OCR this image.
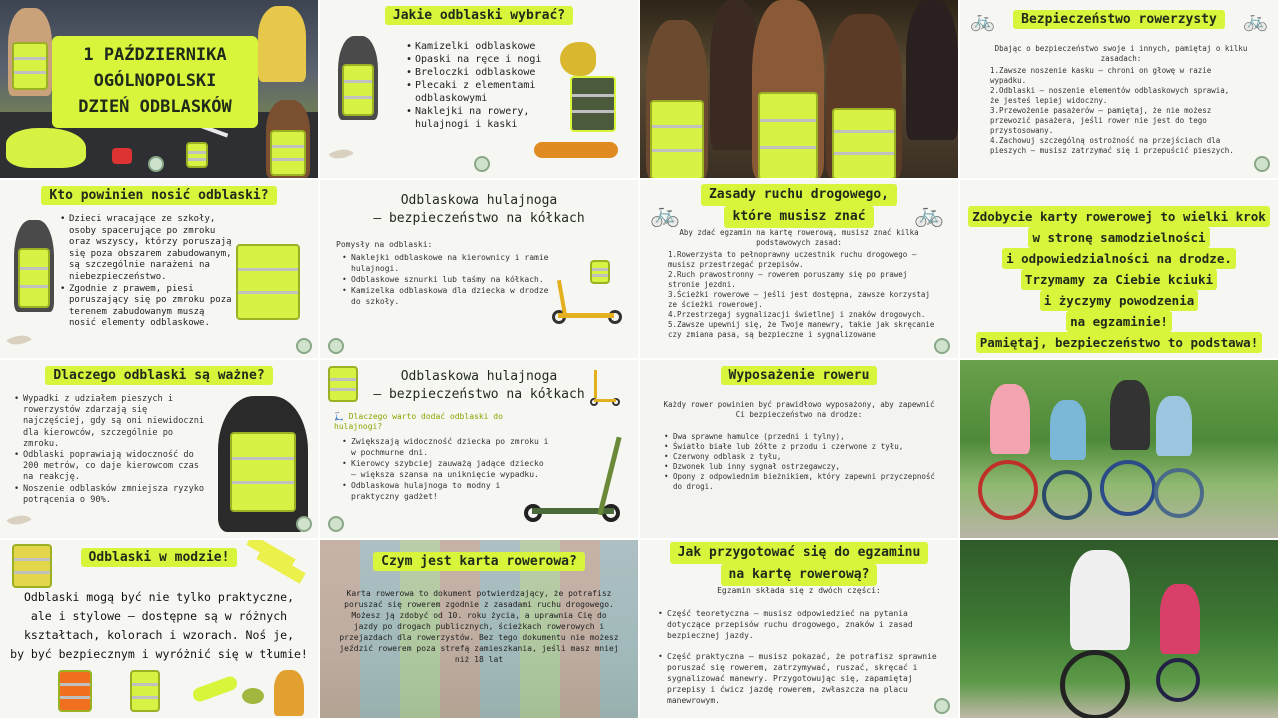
1 PAŹDZIERNIKA
OGÓLNOPOLSKI
DZIEŃ ODBLASKÓW
Jakie odblaski wybrać?
• Kamizelki odblaskowe
• Opaski na ręce i nogi
• Breloczki odblaskowe
• Plecaki z elementami odblaskowymi
• Naklejki na rowery, hulajnogi i kaski
🚲	🚲
Bezpieczeństwo rowerzysty
Dbając o bezpieczeństwo swoje i innych, pamiętaj o kilku zasadach:
1.Zawsze noszenie kasku – chroni on głowę w razie wypadku.
2.Odblaski – noszenie elementów odblaskowych sprawia, że jesteś lepiej widoczny.
3.Przewożenie pasażerów – pamiętaj, że nie możesz przewozić pasażera, jeśli rower nie jest do tego przystosowany.
4.Zachowuj szczególną ostrożność na przejściach dla pieszych – musisz zatrzymać się i przepuścić pieszych.
Kto powinien nosić odblaski?
• Dzieci wracające ze szkoły, osoby spacerujące po zmroku oraz wszyscy, którzy poruszają się poza obszarem zabudowanym, są szczególnie narażeni na niebezpieczeństwo.
• Zgodnie z prawem, piesi poruszający się po zmroku poza terenem zabudowanym muszą nosić elementy odblaskowe.
Odblaskowa hulajnoga
– bezpieczeństwo na kółkach
Pomysły na odblaski:
• Naklejki odblaskowe na kierownicy i ramie hulajnogi.
• Odblaskowe sznurki lub taśmy na kółkach.
• Kamizelka odblaskowa dla dziecka w drodze do szkoły.
🚲	🚲
Zasady ruchu drogowego,
które musisz znać
Aby zdać egzamin na kartę rowerową, musisz znać kilka podstawowych zasad:
1.Rowerzysta to pełnoprawny uczestnik ruchu drogowego – musisz przestrzegać przepisów.
2.Ruch prawostronny – rowerem poruszamy się po prawej stronie jezdni.
3.Ścieżki rowerowe – jeśli jest dostępna, zawsze korzystaj ze ścieżki rowerowej.
4.Przestrzegaj sygnalizacji świetlnej i znaków drogowych.
5.Zawsze upewnij się, że Twoje manewry, takie jak skręcanie czy zmiana pasa, są bezpieczne i sygnalizowane
Zdobycie karty rowerowej to wielki krok
w stronę samodzielności
i odpowiedzialności na drodze.
Trzymamy za Ciebie kciuki
i życzymy powodzenia
na egzaminie!
Pamiętaj, bezpieczeństwo to podstawa!
Dlaczego odblaski są ważne?
• Wypadki z udziałem pieszych i rowerzystów zdarzają się najczęściej, gdy są oni niewidoczni dla kierowców, szczególnie po zmroku.
• Odblaski poprawiają widoczność do 200 metrów, co daje kierowcom czas na reakcję.
• Noszenie odblasków zmniejsza ryzyko potrącenia o 90%.
Odblaskowa hulajnoga
– bezpieczeństwo na kółkach
🛴 Dlaczego warto dodać odblaski do hulajnogi?
• Zwiększają widoczność dziecka po zmroku i w pochmurne dni.
• Kierowcy szybciej zauważą jadące dziecko – większa szansa na uniknięcie wypadku.
• Odblaskowa hulajnoga to modny i praktyczny gadżet!
Wyposażenie roweru
Każdy rower powinien być prawidłowo wyposażony, aby zapewnić Ci bezpieczeństwo na drodze:
• Dwa sprawne hamulce (przedni i tylny),
• Światło białe lub żółte z przodu i czerwone z tyłu,
• Czerwony odblask z tyłu,
• Dzwonek lub inny sygnał ostrzegawczy,
• Opony z odpowiednim bieżnikiem, który zapewni przyczepność do drogi.
Odblaski w modzie!
Odblaski mogą być nie tylko praktyczne,
ale i stylowe – dostępne są w różnych
kształtach, kolorach i wzorach. Noś je,
by być bezpiecznym i wyróżnić się w tłumie!
Czym jest karta rowerowa?
Karta rowerowa to dokument potwierdzający, że potrafisz poruszać się rowerem zgodnie z zasadami ruchu drogowego. Możesz ją zdobyć od 10. roku życia, a uprawnia Cię do jazdy po drogach publicznych, ścieżkach rowerowych i przejazdach dla rowerzystów. Bez tego dokumentu nie możesz jeździć rowerem poza strefą zamieszkania, jeśli masz mniej niż 18 lat
Jak przygotować się do egzaminu
na kartę rowerową?
Egzamin składa się z dwóch części:
• Część teoretyczna – musisz odpowiedzieć na pytania dotyczące przepisów ruchu drogowego, znaków i zasad bezpiecznej jazdy.
• Część praktyczna – musisz pokazać, że potrafisz sprawnie poruszać się rowerem, zatrzymywać, ruszać, skręcać i sygnalizować manewry. Przygotowując się, zapamiętaj przepisy i ćwicz jazdę rowerem, zwłaszcza na placu manewrowym.
